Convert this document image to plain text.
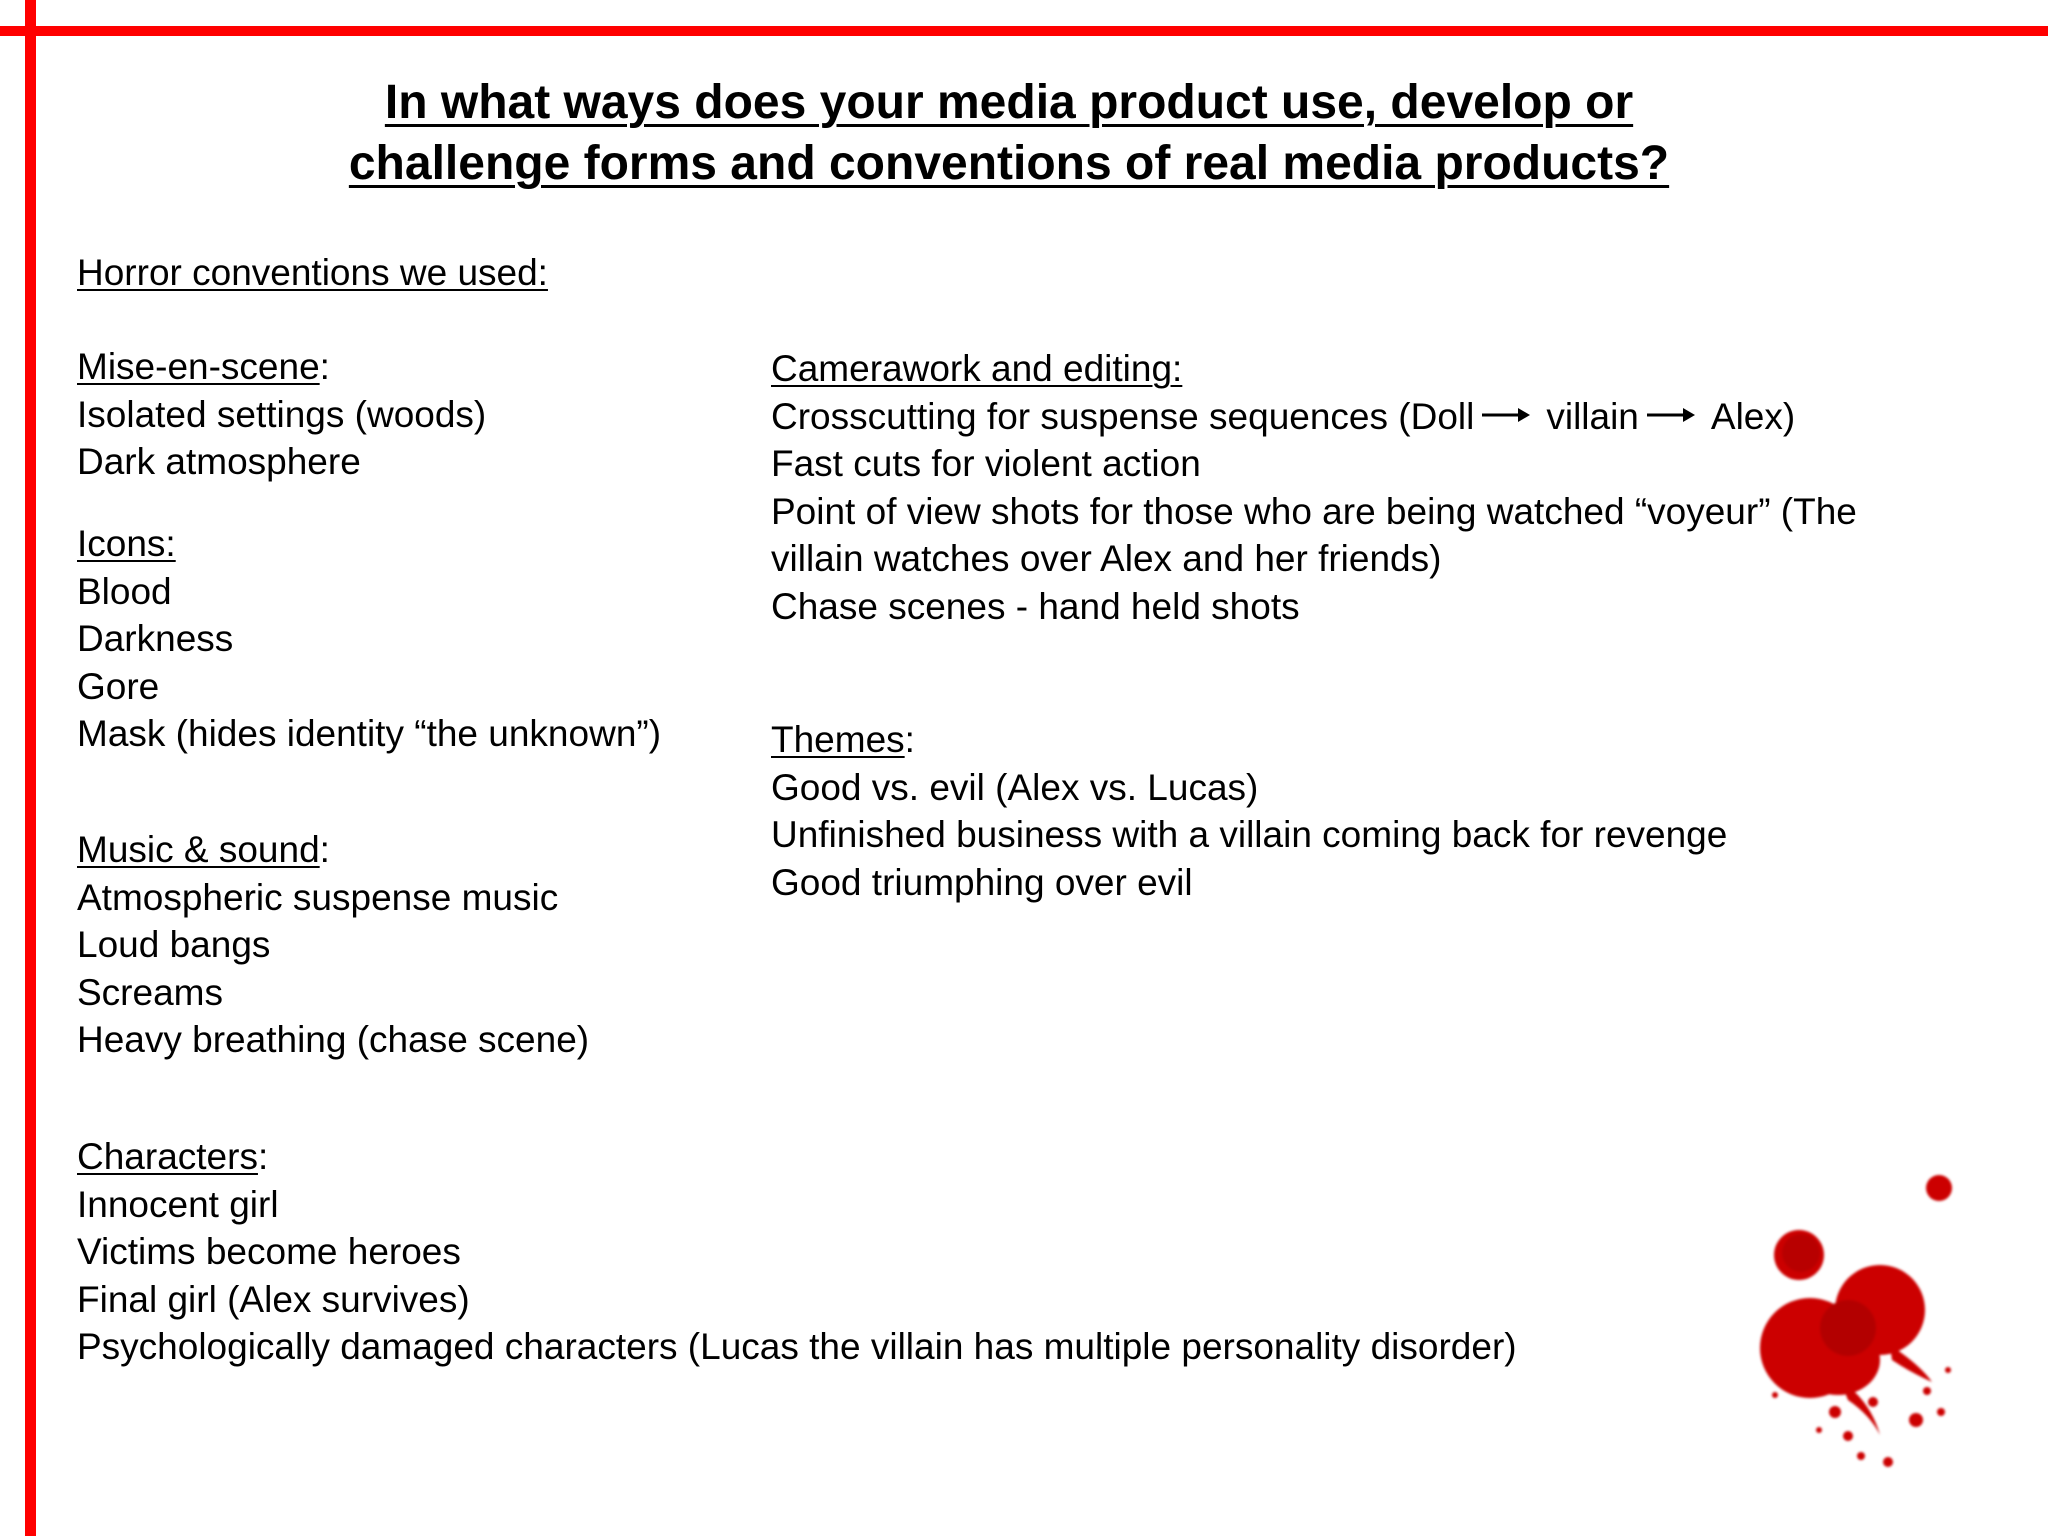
In what ways does your media product use, develop or
challenge forms and conventions of real media products?
Horror conventions we used:
Mise-en-scene:
Isolated settings (woods)
Dark atmosphere
Icons:
Blood
Darkness
Gore
Mask (hides identity “the unknown”)
Music & sound:
Atmospheric suspense music
Loud bangs
Screams
Heavy breathing (chase scene)
Characters:
Innocent girl
Victims become heroes
Final girl (Alex survives)
Psychologically damaged characters (Lucas the villain has multiple personality disorder)
Camerawork and editing:
Crosscutting for suspense sequences (Doll villain Alex)
Fast cuts for violent action
Point of view shots for those who are being watched “voyeur” (The
villain watches over Alex and her friends)
Chase scenes - hand held shots
Themes:
Good vs. evil (Alex vs. Lucas)
Unfinished business with a villain coming back for revenge
Good triumphing over evil
